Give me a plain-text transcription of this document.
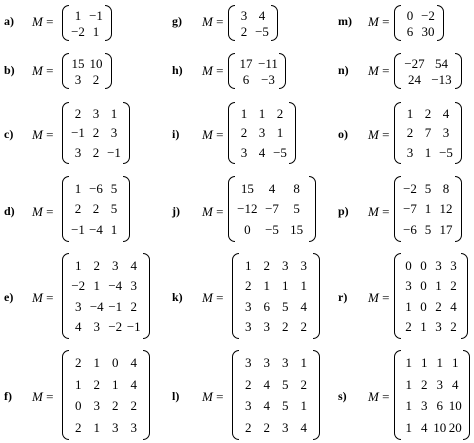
a) M =	1 −1
−2 1
b) M = 15 10
3 2
c) M =
2 3 1
−1 2 3
3 2 −1
d) M =
1 −6 5
2 2 5
−1 −4 1
e) M =
1 2 3 4
−2 1 −4 3
3 −4 −1 2
4 3 −2 −1
f) M =
2 1 0 4
1 2 1 4
0 3 2 2
2 1 3 3
g) M =	3 4
2 −5
h) M =	17 −11
6 −3
i) M =
1 1 2
2 3 1
3 4 −5
j) M =
15	4	8
−12 −7	5
0	−5 15
k) M =
1 2 3 3
2 1 1 1
3 6 5 4
3 3 2 2
l) M =
3 3 3 1
2 4 5 2
3 4 5 1
2 2 3 4
m) M =	0 −2
6 30
n) M = −27 54
24 −13
o) M =
1 2 4
2 7 3
3 1 −5
p) M =
−2 5 8
−7 1 12
−6 5 17
r) M =
0 0 3 3
3 0 1 2
1 0 2 4
2 1 3 2
s) M =
1 1 1 1
1 2 3 4
1 3 6 10
1 4 10 20
